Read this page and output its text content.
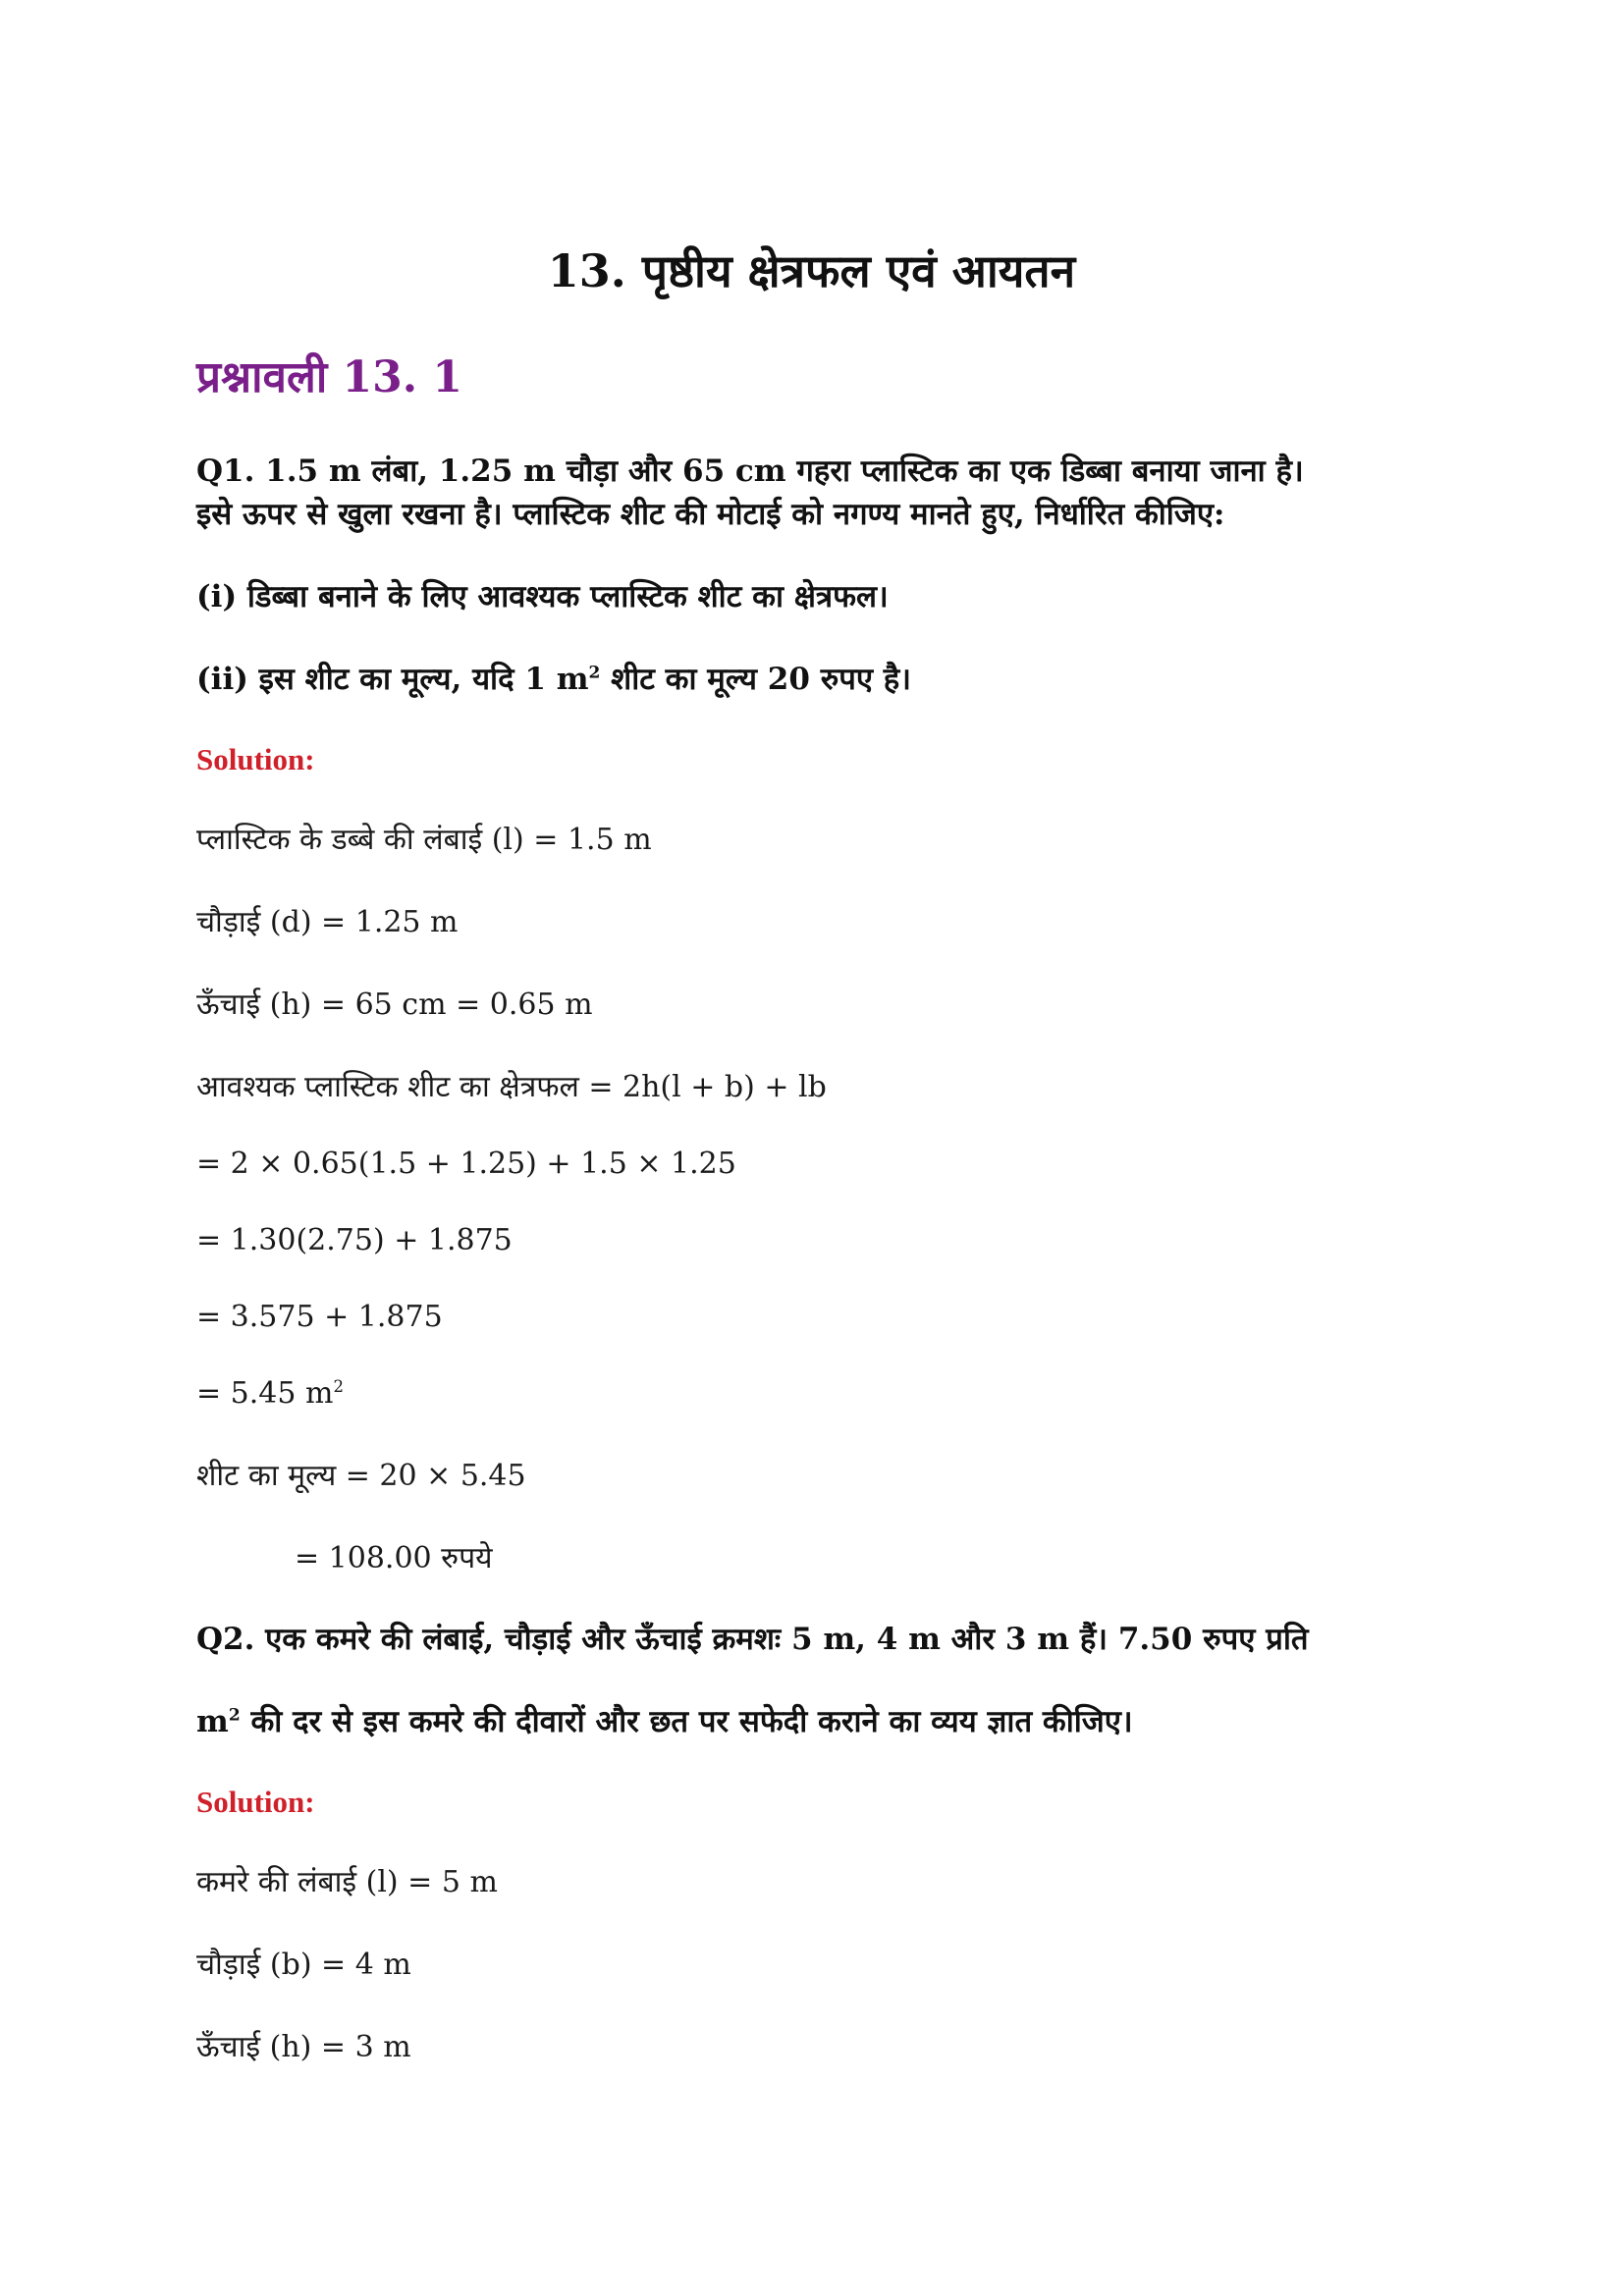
13. पृष्ठीय क्षेत्रफल एवं आयतन
प्रश्नावली 13. 1
Q1. 1.5 m लंबा, 1.25 m चौड़ा और 65 cm गहरा प्लास्टिक का एक डिब्बा बनाया जाना है।
इसे ऊपर से खुला रखना है। प्लास्टिक शीट की मोटाई को नगण्य मानते हुए, निर्धारित कीजिए:
(i) डिब्बा बनाने के लिए आवश्यक प्लास्टिक शीट का क्षेत्रफल।
(ii) इस शीट का मूल्य, यदि 1 $m^2$ शीट का मूल्य 20 रुपए है।
Solution:
प्लास्टिक के डब्बे की लंबाई (l) = 1.5 m
चौड़ाई (d) = 1.25 m
ऊँचाई (h) = 65 cm = 0.65 m
आवश्यक प्लास्टिक शीट का क्षेत्रफल = 2h(l + b) + lb
= 2 × 0.65(1.5 + 1.25) + 1.5 × 1.25
= 1.30(2.75) + 1.875
= 3.575 + 1.875
= 5.45 $m^2$
शीट का मूल्य = 20 × 5.45
= 108.00 रुपये
Q2. एक कमरे की लंबाई, चौड़ाई और ऊँचाई क्रमशः 5 m, 4 m और 3 m हैं। 7.50 रुपए प्रति
$m^2$ की दर से इस कमरे की दीवारों और छत पर सफेदी कराने का व्यय ज्ञात कीजिए।
Solution:
कमरे की लंबाई (l) = 5 m
चौड़ाई (b) = 4 m
ऊँचाई (h) = 3 m
